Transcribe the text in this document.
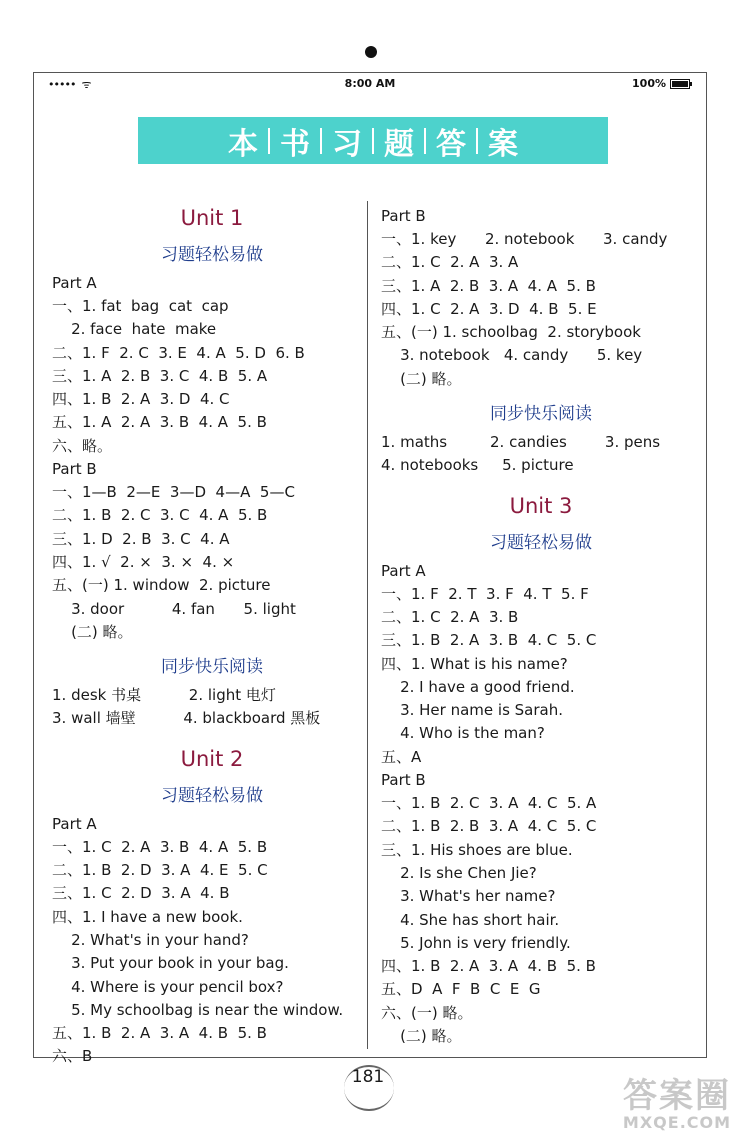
••••• ᯤ	8:00 AM	100%
本 书 习 题 答 案
Unit 1
习题轻松易做
Part A
一、1. fat  bag  cat  cap
2. face  hate  make
二、1. F  2. C  3. E  4. A  5. D  6. B
三、1. A  2. B  3. C  4. B  5. A
四、1. B  2. A  3. D  4. C
五、1. A  2. A  3. B  4. A  5. B
六、略。
Part B
一、1—B  2—E  3—D  4—A  5—C
二、1. B  2. C  3. C  4. A  5. B
三、1. D  2. B  3. C  4. A
四、1. √  2. ×  3. ×  4. ×
五、(一) 1. window  2. picture
3. door          4. fan      5. light
(二) 略。
同步快乐阅读
1. desk 书桌          2. light 电灯
3. wall 墙壁          4. blackboard 黑板
Unit 2
习题轻松易做
Part A
一、1. C  2. A  3. B  4. A  5. B
二、1. B  2. D  3. A  4. E  5. C
三、1. C  2. D  3. A  4. B
四、1. I have a new book.
2. What's in your hand?
3. Put your book in your bag.
4. Where is your pencil box?
5. My schoolbag is near the window.
五、1. B  2. A  3. A  4. B  5. B
六、B
Part B
一、1. key      2. notebook      3. candy
二、1. C  2. A  3. A
三、1. A  2. B  3. A  4. A  5. B
四、1. C  2. A  3. D  4. B  5. E
五、(一) 1. schoolbag  2. storybook
3. notebook   4. candy      5. key
(二) 略。
同步快乐阅读
1. maths         2. candies        3. pens
4. notebooks     5. picture
Unit 3
习题轻松易做
Part A
一、1. F  2. T  3. F  4. T  5. F
二、1. C  2. A  3. B
三、1. B  2. A  3. B  4. C  5. C
四、1. What is his name?
2. I have a good friend.
3. Her name is Sarah.
4. Who is the man?
五、A
Part B
一、1. B  2. C  3. A  4. C  5. A
二、1. B  2. B  3. A  4. C  5. C
三、1. His shoes are blue.
2. Is she Chen Jie?
3. What's her name?
4. She has short hair.
5. John is very friendly.
四、1. B  2. A  3. A  4. B  5. B
五、D  A  F  B  C  E  G
六、(一) 略。
(二) 略。
181	答案圈
MXQE.COM
